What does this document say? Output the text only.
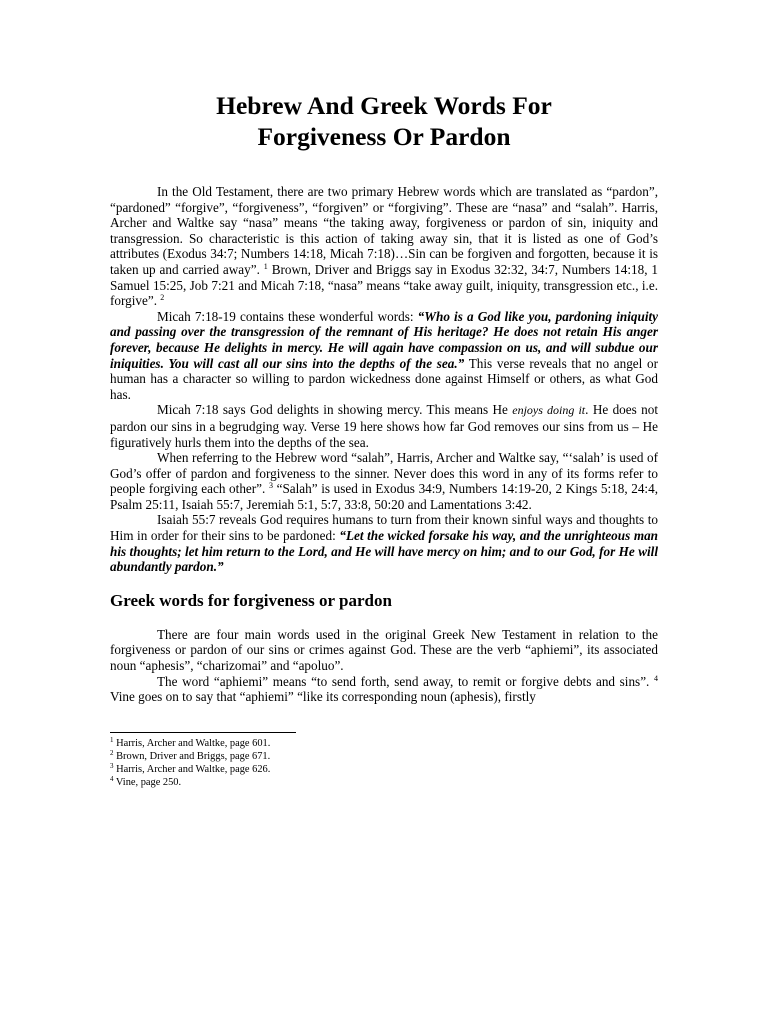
Hebrew And Greek Words For
Forgiveness Or Pardon

In the Old Testament, there are two primary Hebrew words which are translated as “pardon”, “pardoned” “forgive”, “forgiveness”, “forgiven” or “forgiving”. These are “nasa” and “salah”. Harris, Archer and Waltke say “nasa” means “the taking away, forgiveness or pardon of sin, iniquity and transgression. So characteristic is this action of taking away sin, that it is listed as one of God’s attributes (Exodus 34:7; Numbers 14:18, Micah 7:18)…Sin can be forgiven and forgotten, because it is taken up and carried away”. $^1$ Brown, Driver and Briggs say in Exodus 32:32, 34:7, Numbers 14:18, 1 Samuel 15:25, Job 7:21 and Micah 7:18, “nasa” means “take away guilt, iniquity, transgression etc., i.e. forgive”. $^2$

Micah 7:18-19 contains these wonderful words: “Who is a God like you, pardoning iniquity and passing over the transgression of the remnant of His heritage? He does not retain His anger forever, because He delights in mercy. He will again have compassion on us, and will subdue our iniquities. You will cast all our sins into the depths of the sea.” This verse reveals that no angel or human has a character so willing to pardon wickedness done against Himself or others, as what God has.

Micah 7:18 says God delights in showing mercy. This means He enjoys doing it. He does not pardon our sins in a begrudging way. Verse 19 here shows how far God removes our sins from us – He figuratively hurls them into the depths of the sea.

When referring to the Hebrew word “salah”, Harris, Archer and Waltke say, “‘salah’ is used of God’s offer of pardon and forgiveness to the sinner. Never does this word in any of its forms refer to people forgiving each other”. $^3$ “Salah” is used in Exodus 34:9, Numbers 14:19-20, 2 Kings 5:18, 24:4, Psalm 25:11, Isaiah 55:7, Jeremiah 5:1, 5:7, 33:8, 50:20 and Lamentations 3:42.

Isaiah 55:7 reveals God requires humans to turn from their known sinful ways and thoughts to Him in order for their sins to be pardoned: “Let the wicked forsake his way, and the unrighteous man his thoughts; let him return to the Lord, and He will have mercy on him; and to our God, for He will abundantly pardon.”

Greek words for forgiveness or pardon

There are four main words used in the original Greek New Testament in relation to the forgiveness or pardon of our sins or crimes against God. These are the verb “aphiemi”, its associated noun “aphesis”, “charizomai” and “apoluo”.

The word “aphiemi” means “to send forth, send away, to remit or forgive debts and sins”. $^4$ Vine goes on to say that “aphiemi” “like its corresponding noun (aphesis), firstly

$^1$ Harris, Archer and Waltke, page 601.
$^2$ Brown, Driver and Briggs, page 671.
$^3$ Harris, Archer and Waltke, page 626.
$^4$ Vine, page 250.
